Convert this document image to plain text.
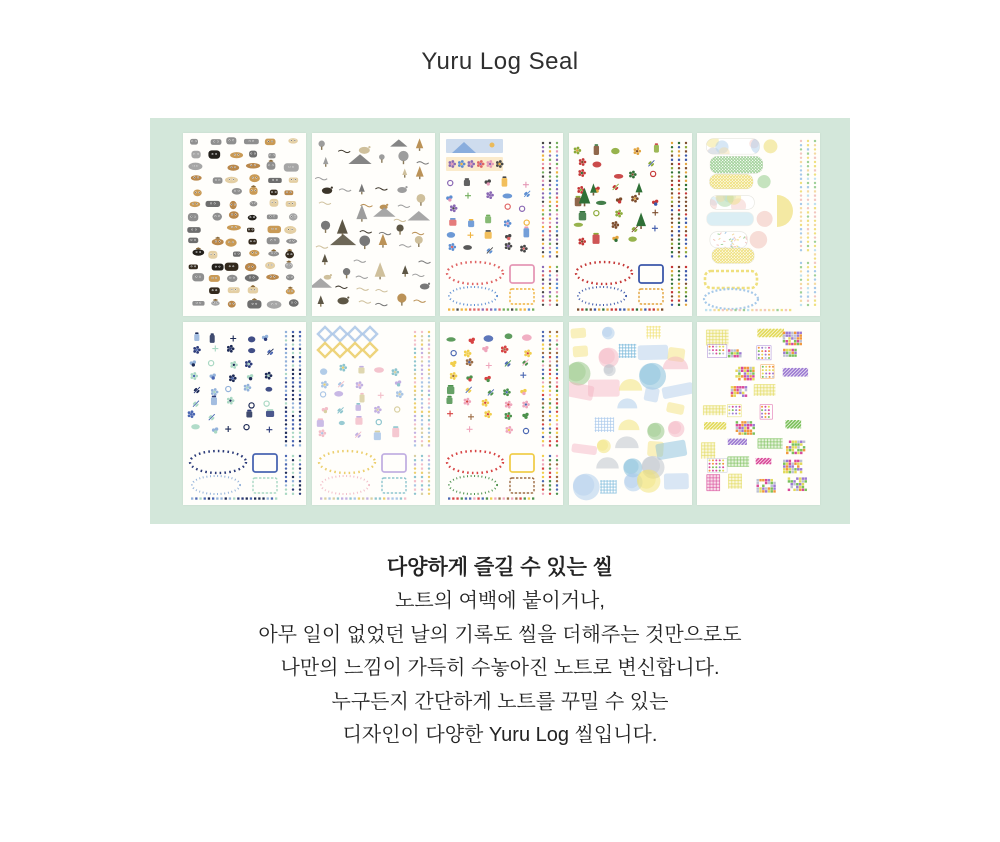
Yuru Log Seal

다양하게 즐길 수 있는 씰

노트의 여백에 붙이거나,

아무 일이 없었던 날의 기록도 씰을 더해주는 것만으로도

나만의 느낌이 가득히 수놓아진 노트로 변신합니다.

누구든지 간단하게 노트를 꾸밀 수 있는

디자인이 다양한 Yuru Log 씰입니다.
